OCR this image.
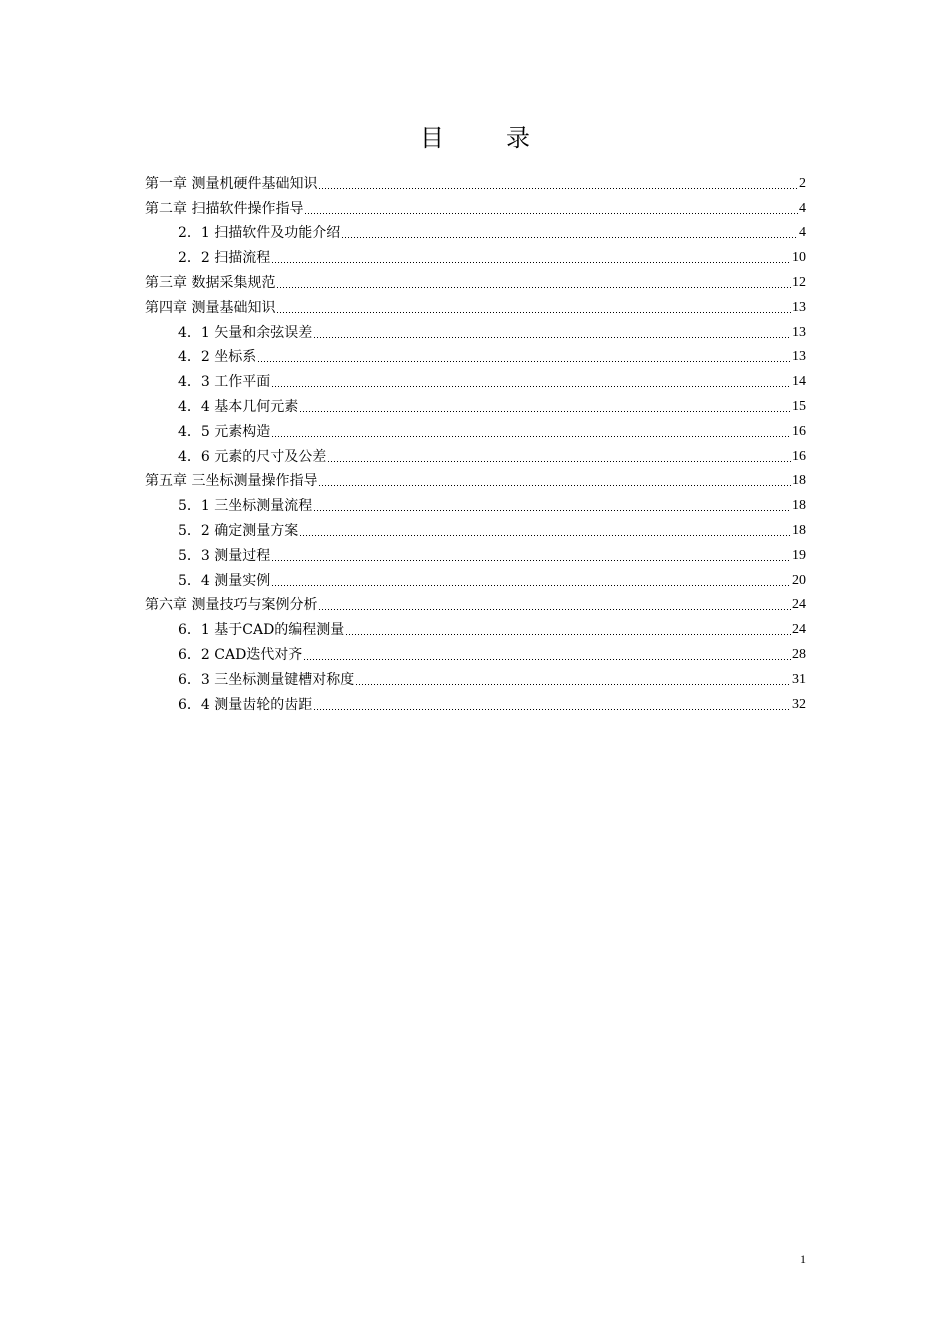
目	录
第一章 测量机硬件基础知识	2
第二章 扫描软件操作指导	4
2．1 扫描软件及功能介绍	4
2．2 扫描流程	10
第三章 数据采集规范	12
第四章 测量基础知识	13
4．1 矢量和余弦误差	13
4．2 坐标系	13
4．3 工作平面	14
4．4 基本几何元素	15
4．5 元素构造	16
4．6 元素的尺寸及公差	16
第五章 三坐标测量操作指导	18
5．1 三坐标测量流程	18
5．2 确定测量方案	18
5．3 测量过程	19
5．4 测量实例	20
第六章 测量技巧与案例分析	24
6．1 基于CAD的编程测量	24
6．2 CAD迭代对齐	28
6．3 三坐标测量键槽对称度	31
6．4 测量齿轮的齿距	32
1
